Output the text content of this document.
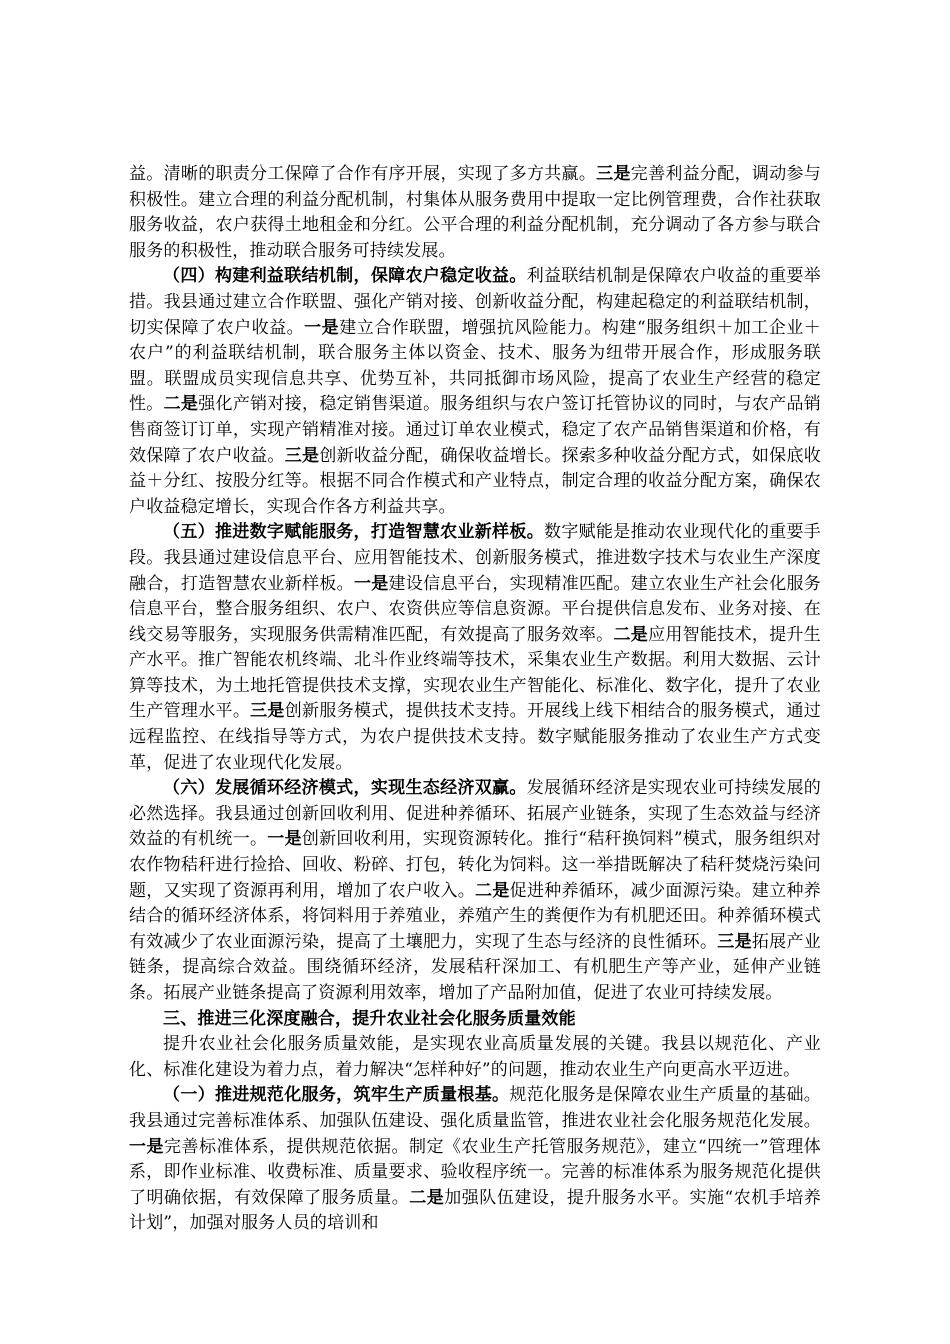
益。清晰的职责分工保障了合作有序开展，实现了多方共赢。三是完善利益分配，调动参与积极性。建立合理的利益分配机制，村集体从服务费用中提取一定比例管理费，合作社获取服务收益，农户获得土地租金和分红。公平合理的利益分配机制，充分调动了各方参与联合服务的积极性，推动联合服务可持续发展。

（四）构建利益联结机制，保障农户稳定收益。利益联结机制是保障农户收益的重要举措。我县通过建立合作联盟、强化产销对接、创新收益分配，构建起稳定的利益联结机制，切实保障了农户收益。一是建立合作联盟，增强抗风险能力。构建“服务组织＋加工企业＋农户”的利益联结机制，联合服务主体以资金、技术、服务为纽带开展合作，形成服务联盟。联盟成员实现信息共享、优势互补，共同抵御市场风险，提高了农业生产经营的稳定性。二是强化产销对接，稳定销售渠道。服务组织与农户签订托管协议的同时，与农产品销售商签订订单，实现产销精准对接。通过订单农业模式，稳定了农产品销售渠道和价格，有效保障了农户收益。三是创新收益分配，确保收益增长。探索多种收益分配方式，如保底收益＋分红、按股分红等。根据不同合作模式和产业特点，制定合理的收益分配方案，确保农户收益稳定增长，实现合作各方利益共享。

（五）推进数字赋能服务，打造智慧农业新样板。数字赋能是推动农业现代化的重要手段。我县通过建设信息平台、应用智能技术、创新服务模式，推进数字技术与农业生产深度融合，打造智慧农业新样板。一是建设信息平台，实现精准匹配。建立农业生产社会化服务信息平台，整合服务组织、农户、农资供应等信息资源。平台提供信息发布、业务对接、在线交易等服务，实现服务供需精准匹配，有效提高了服务效率。二是应用智能技术，提升生产水平。推广智能农机终端、北斗作业终端等技术，采集农业生产数据。利用大数据、云计算等技术，为土地托管提供技术支撑，实现农业生产智能化、标准化、数字化，提升了农业生产管理水平。三是创新服务模式，提供技术支持。开展线上线下相结合的服务模式，通过远程监控、在线指导等方式，为农户提供技术支持。数字赋能服务推动了农业生产方式变革，促进了农业现代化发展。

（六）发展循环经济模式，实现生态经济双赢。发展循环经济是实现农业可持续发展的必然选择。我县通过创新回收利用、促进种养循环、拓展产业链条，实现了生态效益与经济效益的有机统一。一是创新回收利用，实现资源转化。推行“秸秆换饲料”模式，服务组织对农作物秸秆进行捡拾、回收、粉碎、打包，转化为饲料。这一举措既解决了秸秆焚烧污染问题，又实现了资源再利用，增加了农户收入。二是促进种养循环，减少面源污染。建立种养结合的循环经济体系，将饲料用于养殖业，养殖产生的粪便作为有机肥还田。种养循环模式有效减少了农业面源污染，提高了土壤肥力，实现了生态与经济的良性循环。三是拓展产业链条，提高综合效益。围绕循环经济，发展秸秆深加工、有机肥生产等产业，延伸产业链条。拓展产业链条提高了资源利用效率，增加了产品附加值，促进了农业可持续发展。

三、推进三化深度融合，提升农业社会化服务质量效能

提升农业社会化服务质量效能，是实现农业高质量发展的关键。我县以规范化、产业化、标准化建设为着力点，着力解决“怎样种好”的问题，推动农业生产向更高水平迈进。

（一）推进规范化服务，筑牢生产质量根基。规范化服务是保障农业生产质量的基础。我县通过完善标准体系、加强队伍建设、强化质量监管，推进农业社会化服务规范化发展。一是完善标准体系，提供规范依据。制定《农业生产托管服务规范》，建立“四统一”管理体系，即作业标准、收费标准、质量要求、验收程序统一。完善的标准体系为服务规范化提供了明确依据，有效保障了服务质量。二是加强队伍建设，提升服务水平。实施“农机手培养计划”，加强对服务人员的培训和
